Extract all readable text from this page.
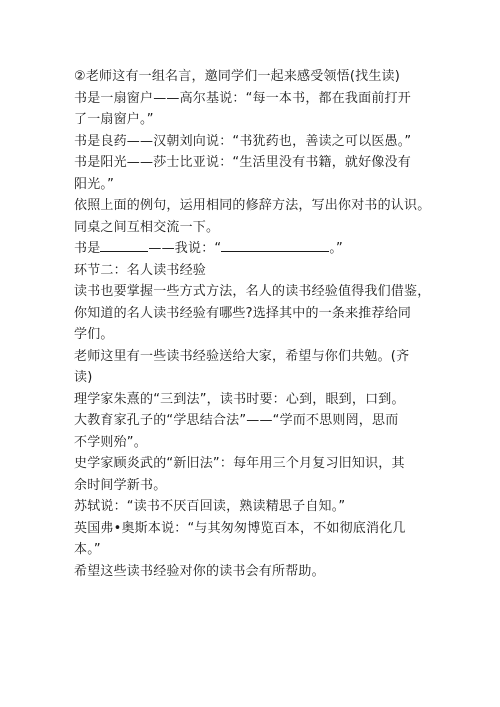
②老师这有一组名言，邀同学们一起来感受领悟(找生读)

书是一扇窗户——高尔基说：“每一本书，都在我面前打开

了一扇窗户。”

书是良药——汉朝刘向说：“书犹药也，善读之可以医愚。”

书是阳光——莎士比亚说：“生活里没有书籍，就好像没有

阳光。”

依照上面的例句，运用相同的修辞方法，写出你对书的认识。

同桌之间互相交流一下。

书是	——我说：“	。”

环节二：名人读书经验

读书也要掌握一些方式方法，名人的读书经验值得我们借鉴，

你知道的名人读书经验有哪些?选择其中的一条来推荐给同

学们。

老师这里有一些读书经验送给大家，希望与你们共勉。(齐

读)

理学家朱熹的“三到法”，读书时要：心到，眼到，口到。

大教育家孔子的“学思结合法”——“学而不思则罔，思而

不学则殆”。

史学家顾炎武的“新旧法”：每年用三个月复习旧知识，其

余时间学新书。

苏轼说：“读书不厌百回读，熟读精思子自知。”

英国弗•奥斯本说：“与其匆匆博览百本，不如彻底消化几

本。”

希望这些读书经验对你的读书会有所帮助。
